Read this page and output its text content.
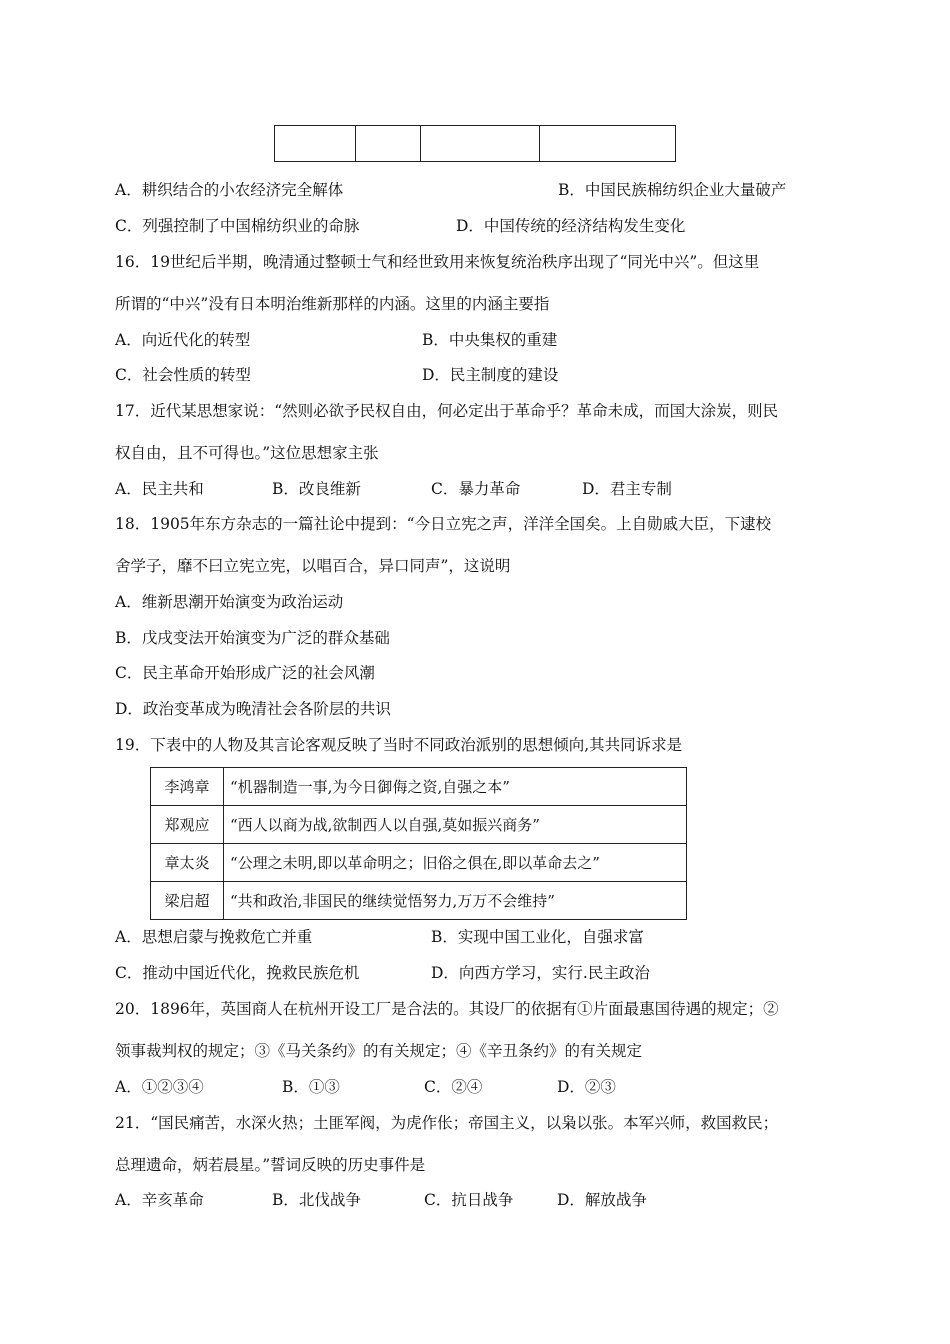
A．耕织结合的小农经济完全解体	B．中国民族棉纺织企业大量破产
C．列强控制了中国棉纺织业的命脉	D．中国传统的经济结构发生变化
16．19世纪后半期，晚清通过整顿士气和经世致用来恢复统治秩序出现了“同光中兴”。但这里
所谓的“中兴”没有日本明治维新那样的内涵。这里的内涵主要指
A．向近代化的转型	B．中央集权的重建
C．社会性质的转型	D．民主制度的建设
17．近代某思想家说：“然则必欲予民权自由，何必定出于革命乎？革命未成，而国大涂炭，则民
权自由，且不可得也。”这位思想家主张
A．民主共和	B．改良维新	C．暴力革命	D．君主专制
18．1905年东方杂志的一篇社论中提到：“今日立宪之声，洋洋全国矣。上自勋戚大臣，下逮校
舍学子，靡不曰立宪立宪，以唱百合，异口同声”，这说明
A．维新思潮开始演变为政治运动
B．戊戌变法开始演变为广泛的群众基础
C．民主革命开始形成广泛的社会风潮
D．政治变革成为晚清社会各阶层的共识
19．下表中的人物及其言论客观反映了当时不同政治派别的思想倾向,其共同诉求是
李鸿章	“机器制造一事,为今日御侮之资,自强之本”
郑观应	“西人以商为战,欲制西人以自强,莫如振兴商务”
章太炎	“公理之未明,即以革命明之；旧俗之俱在,即以革命去之”
梁启超	“共和政治,非国民的继续觉悟努力,万万不会维持”
A．思想启蒙与挽救危亡并重	B．实现中国工业化，自强求富
C．推动中国近代化，挽救民族危机	D．向西方学习，实行.民主政治
20．1896年，英国商人在杭州开设工厂是合法的。其设厂的依据有①片面最惠国待遇的规定；②
领事裁判权的规定；③《马关条约》的有关规定；④《辛丑条约》的有关规定
A．①②③④	B．①③	C．②④	D．②③
21．“国民痛苦，水深火热；土匪军阀，为虎作伥；帝国主义，以枭以张。本军兴师，救国救民；
总理遗命，炳若晨星。”誓词反映的历史事件是
A．辛亥革命	B．北伐战争	C．抗日战争	D．解放战争
